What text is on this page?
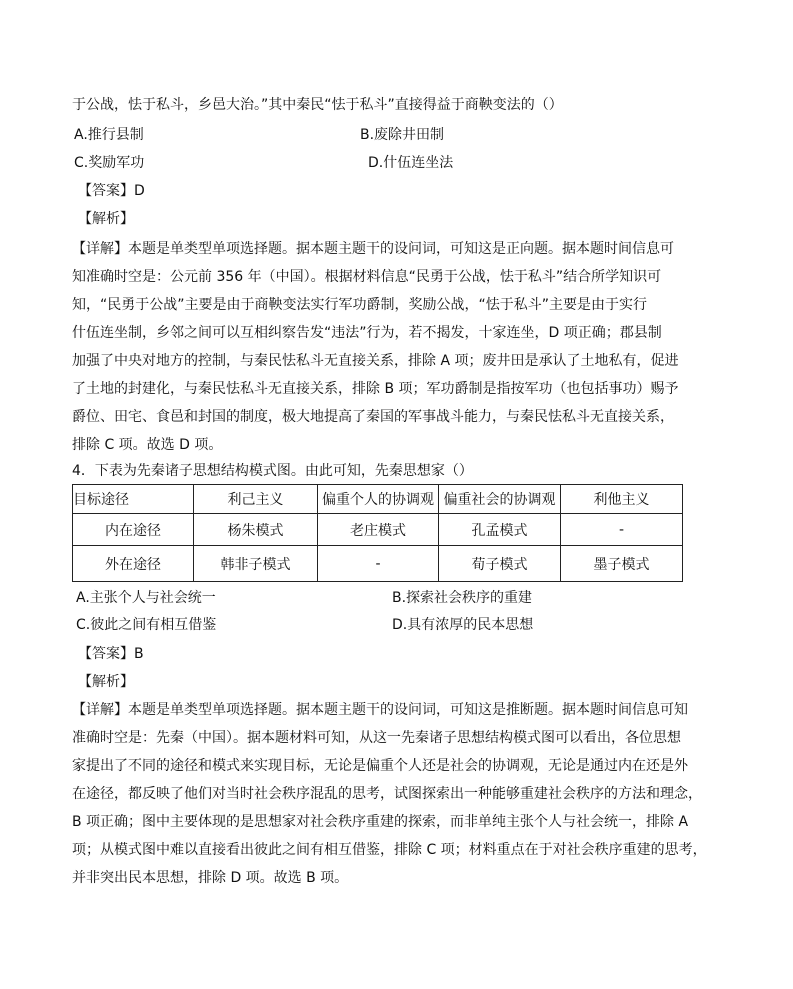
于公战，怯于私斗，乡邑大治。”其中秦民“怯于私斗”直接得益于商鞅变法的（）
A.推行县制	B.废除井田制
C.奖励军功	D.什伍连坐法
【答案】D
【解析】
【详解】本题是单类型单项选择题。据本题主题干的设问词，可知这是正向题。据本题时间信息可
知准确时空是：公元前 356 年（中国）。根据材料信息“民勇于公战，怯于私斗”结合所学知识可
知，“民勇于公战”主要是由于商鞅变法实行军功爵制，奖励公战，“怯于私斗”主要是由于实行
什伍连坐制，乡邻之间可以互相纠察告发“违法”行为，若不揭发，十家连坐，D 项正确；郡县制
加强了中央对地方的控制，与秦民怯私斗无直接关系，排除 A 项；废井田是承认了土地私有，促进
了土地的封建化，与秦民怯私斗无直接关系，排除 B 项；军功爵制是指按军功（也包括事功）赐予
爵位、田宅、食邑和封国的制度，极大地提高了秦国的军事战斗能力，与秦民怯私斗无直接关系，
排除 C 项。故选 D 项。
4．下表为先秦诸子思想结构模式图。由此可知，先秦思想家（）
目标途径	利己主义	偏重个人的协调观	偏重社会的协调观	利他主义
内在途径	杨朱模式	老庄模式	孔孟模式	-
外在途径	韩非子模式	-	荀子模式	墨子模式
A.主张个人与社会统一	B.探索社会秩序的重建
C.彼此之间有相互借鉴	D.具有浓厚的民本思想
【答案】B
【解析】
【详解】本题是单类型单项选择题。据本题主题干的设问词，可知这是推断题。据本题时间信息可知
准确时空是：先秦（中国）。据本题材料可知，从这一先秦诸子思想结构模式图可以看出，各位思想
家提出了不同的途径和模式来实现目标，无论是偏重个人还是社会的协调观，无论是通过内在还是外
在途径，都反映了他们对当时社会秩序混乱的思考，试图探索出一种能够重建社会秩序的方法和理念，
B 项正确；图中主要体现的是思想家对社会秩序重建的探索，而非单纯主张个人与社会统一，排除 A
项；从模式图中难以直接看出彼此之间有相互借鉴，排除 C 项；材料重点在于对社会秩序重建的思考，
并非突出民本思想，排除 D 项。故选 B 项。
